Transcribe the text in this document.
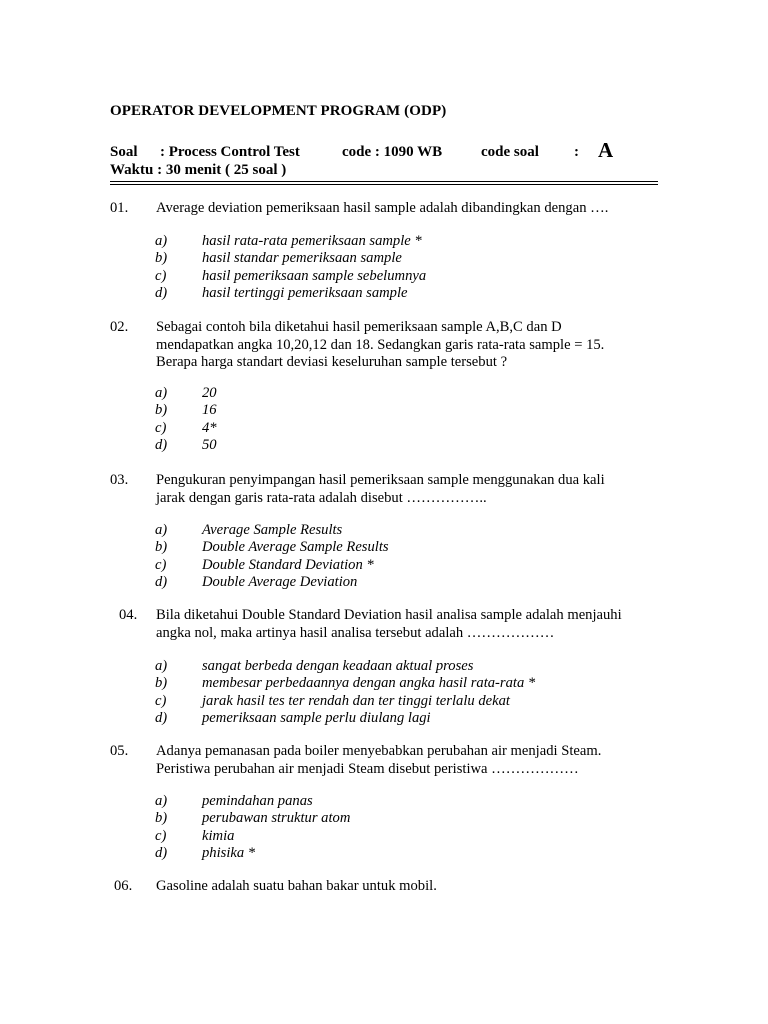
OPERATOR DEVELOPMENT PROGRAM (ODP)
Soal : Process Control Test	code : 1090 WB	code soal : A
Waktu : 30 menit ( 25 soal )
01. Average deviation pemeriksaan hasil sample adalah dibandingkan dengan ….
a) hasil rata-rata pemeriksaan sample *
b) hasil standar pemeriksaan sample
c) hasil pemeriksaan sample sebelumnya
d) hasil tertinggi pemeriksaan sample
02. Sebagai contoh bila diketahui hasil pemeriksaan sample A,B,C dan D
mendapatkan angka 10,20,12 dan 18. Sedangkan garis rata-rata sample = 15.
Berapa harga standart deviasi keseluruhan sample tersebut ?
a) 20
b) 16
c) 4*
d) 50
03. Pengukuran penyimpangan hasil pemeriksaan sample menggunakan dua kali
jarak dengan garis rata-rata adalah disebut ……………..
a) Average Sample Results
b) Double Average Sample Results
c) Double Standard Deviation *
d) Double Average Deviation
04. Bila diketahui Double Standard Deviation hasil analisa sample adalah menjauhi
angka nol, maka artinya hasil analisa tersebut adalah ………………
a) sangat berbeda dengan keadaan aktual proses
b) membesar perbedaannya dengan angka hasil rata-rata *
c) jarak hasil tes ter rendah dan ter tinggi terlalu dekat
d) pemeriksaan sample perlu diulang lagi
05. Adanya pemanasan pada boiler menyebabkan perubahan air menjadi Steam.
Peristiwa perubahan air menjadi Steam disebut peristiwa ………………
a) pemindahan panas
b) perubawan struktur atom
c) kimia
d) phisika *
06. Gasoline adalah suatu bahan bakar untuk mobil.
